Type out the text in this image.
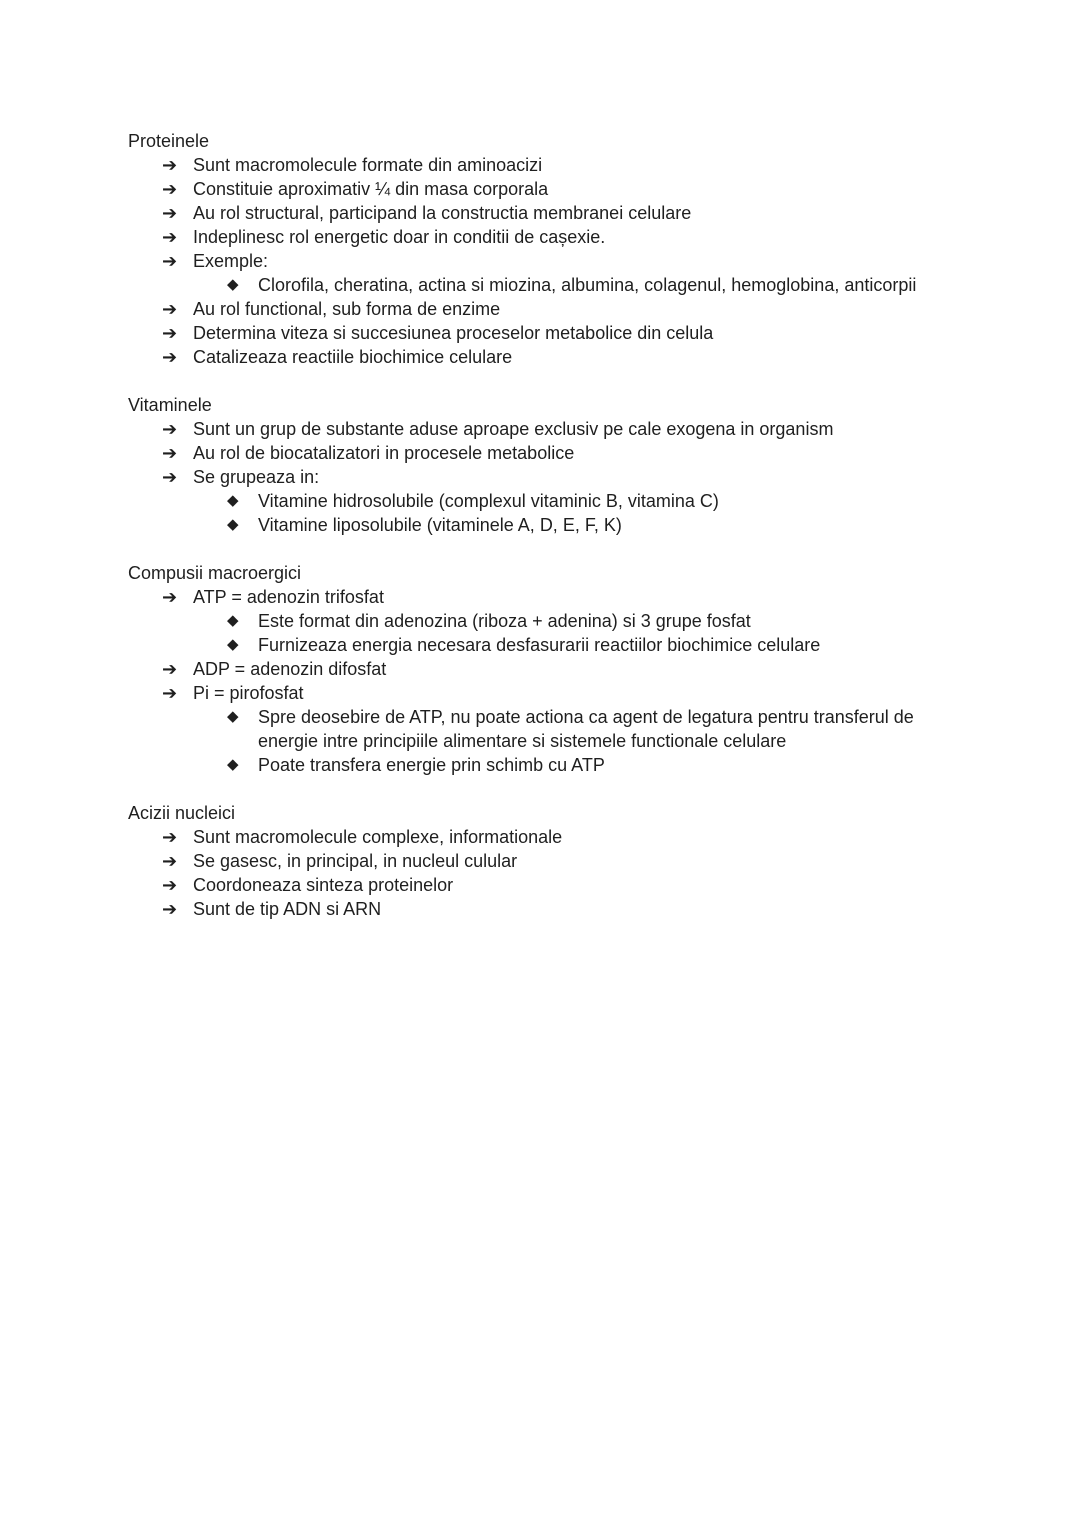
Proteinele
➔ Sunt macromolecule formate din aminoacizi
➔ Constituie aproximativ ¼ din masa corporala
➔ Au rol structural, participand la constructia membranei celulare
➔ Indeplinesc rol energetic doar in conditii de cașexie.
➔ Exemple:
◆ Clorofila, cheratina, actina si miozina, albumina, colagenul, hemoglobina, anticorpii
➔ Au rol functional, sub forma de enzime
➔ Determina viteza si succesiunea proceselor metabolice din celula
➔ Catalizeaza reactiile biochimice celulare
Vitaminele
➔ Sunt un grup de substante aduse aproape exclusiv pe cale exogena in organism
➔ Au rol de biocatalizatori in procesele metabolice
➔ Se grupeaza in:
◆ Vitamine hidrosolubile (complexul vitaminic B, vitamina C)
◆ Vitamine liposolubile (vitaminele A, D, E, F, K)
Compusii macroergici
➔ ATP = adenozin trifosfat
◆ Este format din adenozina (riboza + adenina) si 3 grupe fosfat
◆ Furnizeaza energia necesara desfasurarii reactiilor biochimice celulare
➔ ADP = adenozin difosfat
➔ Pi = pirofosfat
◆ Spre deosebire de ATP, nu poate actiona ca agent de legatura pentru transferul de energie intre principiile alimentare si sistemele functionale celulare
◆ Poate transfera energie prin schimb cu ATP
Acizii nucleici
➔ Sunt macromolecule complexe, informationale
➔ Se gasesc, in principal, in nucleul culular
➔ Coordoneaza sinteza proteinelor
➔ Sunt de tip ADN si ARN
